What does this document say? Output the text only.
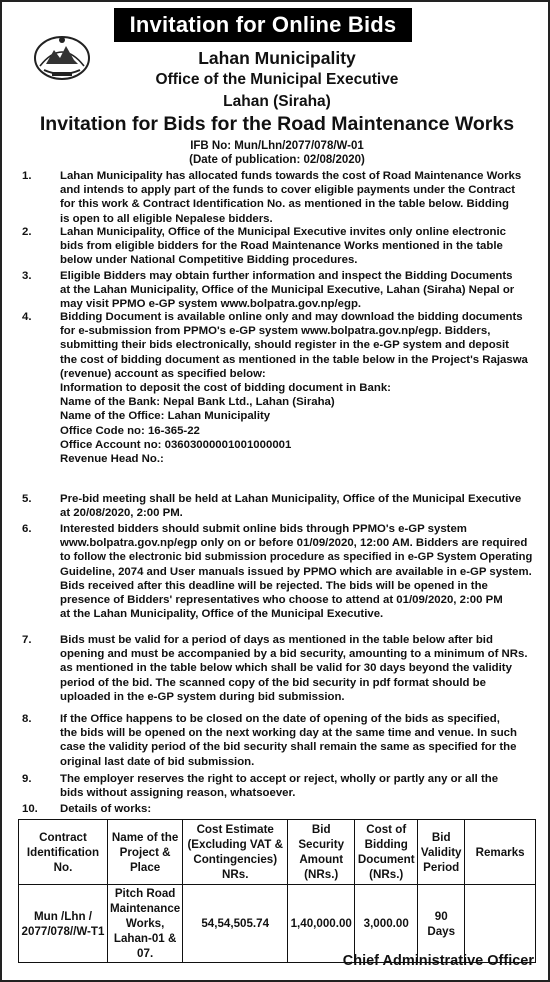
Invitation for Online Bids
Lahan Municipality
Office of the Municipal Executive
Lahan (Siraha)
Invitation for Bids for the Road Maintenance Works
IFB No: Mun/Lhn/2077/078/W-01
(Date of publication: 02/08/2020)
1.	Lahan Municipality has allocated funds towards the cost of Road Maintenance Works
and intends to apply part of the funds to cover eligible payments under the Contract
for this work & Contract Identification No. as mentioned in the table below. Bidding
is open to all eligible Nepalese bidders.
2.	Lahan Municipality, Office of the Municipal Executive invites only online electronic
bids from eligible bidders for the Road Maintenance Works mentioned in the table
below under National Competitive Bidding procedures.
3.	Eligible Bidders may obtain further information and inspect the Bidding Documents
at the Lahan Municipality, Office of the Municipal Executive, Lahan (Siraha) Nepal or
may visit PPMO e-GP system www.bolpatra.gov.np/egp.
4.	Bidding Document is available online only and may download the bidding documents
for e-submission from PPMO's e-GP system www.bolpatra.gov.np/egp. Bidders,
submitting their bids electronically, should register in the e-GP system and deposit
the cost of bidding document as mentioned in the table below in the Project's Rajaswa
(revenue) account as specified below:
Information to deposit the cost of bidding document in Bank:
Name of the Bank: Nepal Bank Ltd., Lahan (Siraha)
Name of the Office: Lahan Municipality
Office Code no: 16-365-22
Office Account no: 03603000001001000001
Revenue Head No.:
5.	Pre-bid meeting shall be held at Lahan Municipality, Office of the Municipal Executive
at 20/08/2020, 2:00 PM.
6.	Interested bidders should submit online bids through PPMO's e-GP system
www.bolpatra.gov.np/egp only on or before 01/09/2020, 12:00 AM. Bidders are required
to follow the electronic bid submission procedure as specified in e-GP System Operating
Guideline, 2074 and User manuals issued by PPMO which are available in e-GP system.
Bids received after this deadline will be rejected. The bids will be opened in the
presence of Bidders' representatives who choose to attend at 01/09/2020, 2:00 PM
at the Lahan Municipality, Office of the Municipal Executive.
7.	Bids must be valid for a period of days as mentioned in the table below after bid
opening and must be accompanied by a bid security, amounting to a minimum of NRs.
as mentioned in the table below which shall be valid for 30 days beyond the validity
period of the bid. The scanned copy of the bid security in pdf format should be
uploaded in the e-GP system during bid submission.
8.	If the Office happens to be closed on the date of opening of the bids as specified,
the bids will be opened on the next working day at the same time and venue. In such
case the validity period of the bid security shall remain the same as specified for the
original last date of bid submission.
9.	The employer reserves the right to accept or reject, wholly or partly any or all the
bids without assigning reason, whatsoever.
10. Details of works:
Contract Identification No.	Name of the Project & Place	Cost Estimate (Excluding VAT & Contingencies) NRs.	Bid Security Amount (NRs.)	Cost of Bidding Document (NRs.)	Bid Validity Period	Remarks
Mun /Lhn / 2077/078//W-T1	Pitch Road Maintenance Works, Lahan-01 & 07.	54,54,505.74	1,40,000.00	3,000.00	90 Days	
Chief Administrative Officer
